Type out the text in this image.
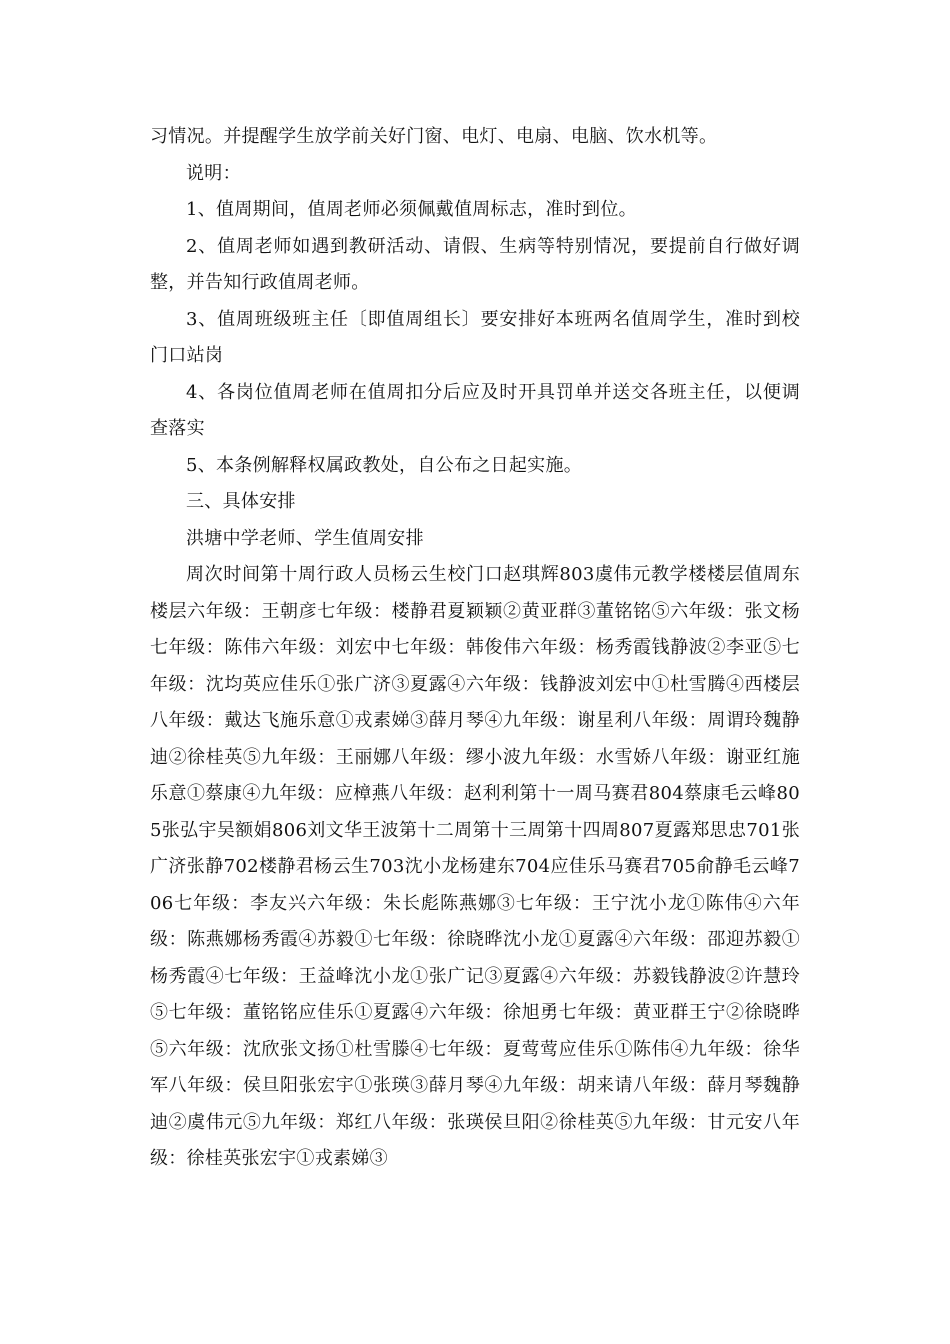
习情况。并提醒学生放学前关好门窗、电灯、电扇、电脑、饮水机等。

说明：

1、值周期间，值周老师必须佩戴值周标志，准时到位。

2、值周老师如遇到教研活动、请假、生病等特别情况，要提前自行做好调整，并告知行政值周老师。

3、值周班级班主任〔即值周组长〕要安排好本班两名值周学生，准时到校门口站岗

4、各岗位值周老师在值周扣分后应及时开具罚单并送交各班主任，以便调查落实

5、本条例解释权属政教处，自公布之日起实施。

三、具体安排

洪塘中学老师、学生值周安排

周次时间第十周行政人员杨云生校门口赵琪辉803虞伟元教学楼楼层值周东楼层六年级：王朝彦七年级：楼静君夏颖颖②黄亚群③董铭铭⑤六年级：张文杨七年级：陈伟六年级：刘宏中七年级：韩俊伟六年级：杨秀霞钱静波②李亚⑤七年级：沈均英应佳乐①张广济③夏露④六年级：钱静波刘宏中①杜雪腾④西楼层八年级：戴达飞施乐意①戎素娣③薛月琴④九年级：谢星利八年级：周谓玲魏静迪②徐桂英⑤九年级：王丽娜八年级：缪小波九年级：水雪娇八年级：谢亚红施乐意①蔡康④九年级：应樟燕八年级：赵利利第十一周马赛君804蔡康毛云峰805张弘宇吴额娟806刘文华王波第十二周第十三周第十四周807夏露郑思忠701张广济张静702楼静君杨云生703沈小龙杨建东704应佳乐马赛君705俞静毛云峰706七年级：李友兴六年级：朱长彪陈燕娜③七年级：王宁沈小龙①陈伟④六年级：陈燕娜杨秀霞④苏毅①七年级：徐晓晔沈小龙①夏露④六年级：邵迎苏毅①杨秀霞④七年级：王益峰沈小龙①张广记③夏露④六年级：苏毅钱静波②许慧玲⑤七年级：董铭铭应佳乐①夏露④六年级：徐旭勇七年级：黄亚群王宁②徐晓晔⑤六年级：沈欣张文扬①杜雪滕④七年级：夏莺莺应佳乐①陈伟④九年级：徐华军八年级：侯旦阳张宏宇①张瑛③薛月琴④九年级：胡来请八年级：薛月琴魏静迪②虞伟元⑤九年级：郑红八年级：张瑛侯旦阳②徐桂英⑤九年级：甘元安八年级：徐桂英张宏宇①戎素娣③
